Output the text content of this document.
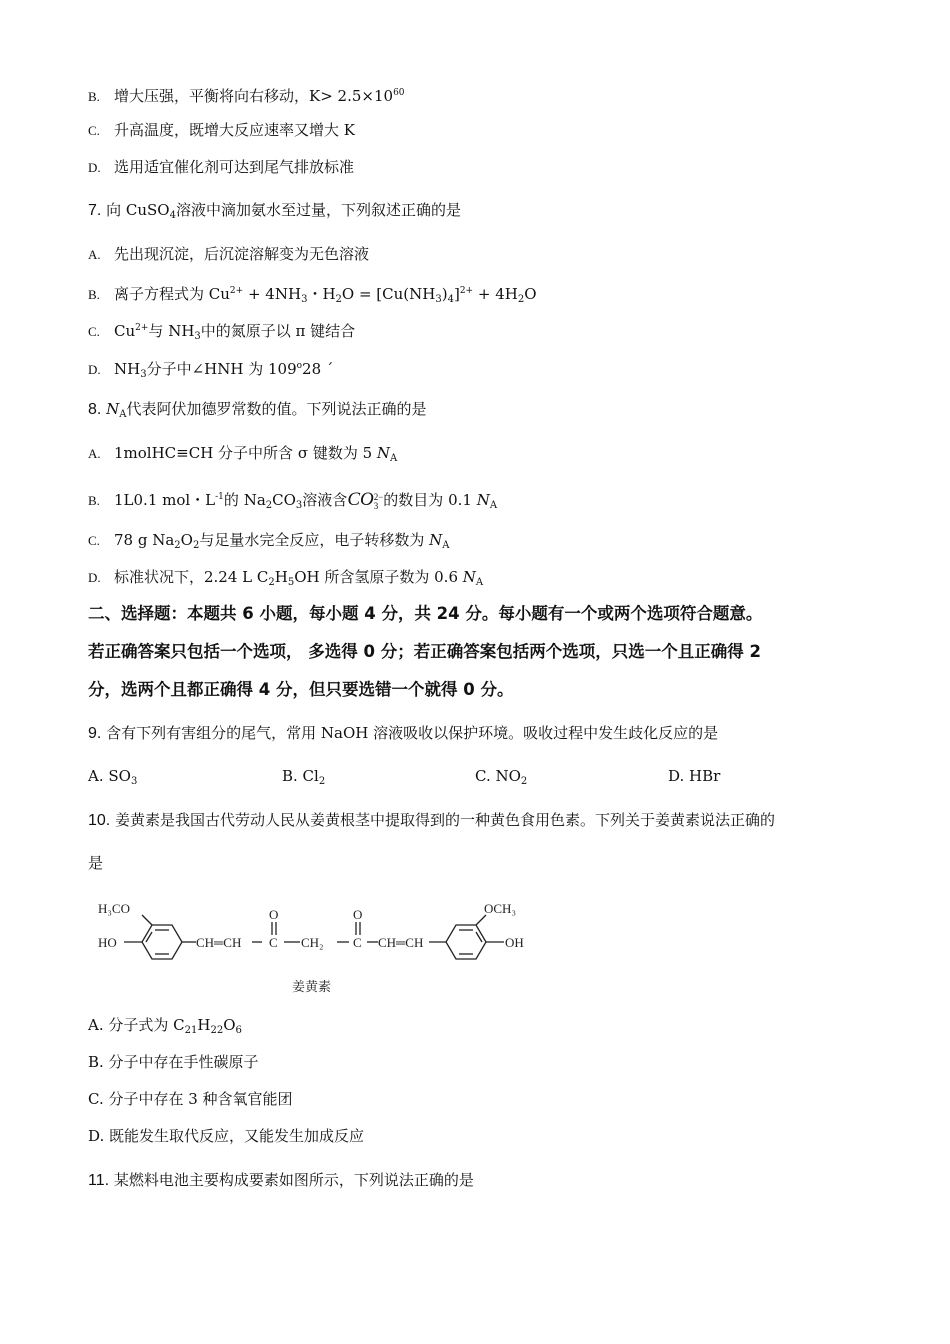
B. 增大压强，平衡将向右移动，$K> 2.5\times 10^{60}$
C. 升高温度，既增大反应速率又增大 K
D. 选用适宜催化剂可达到尾气排放标准
7. 向 CuSO$_4$溶液中滴加氨水至过量，下列叙述正确的是
A. 先出现沉淀，后沉淀溶解变为无色溶液
B. 离子方程式为 $Cu^{2+} + 4NH_3$・$H_2O = [Cu(NH_3)_4]^{2+} + 4H_2O$
C. $Cu^{2+}$与 $NH_3$中的氮原子以 π 键结合
D. $NH_3$分子中∠HNH 为 109$^o$28 ´
8. $N_A$代表阿伏加德罗常数的值。下列说法正确的是
A. 1molHC≡CH 分子中所含 σ 键数为 5 $N_A$
B. 1L0.1 mol・$L^{-1}$的 $Na_2CO_3$溶液含CO 2−
3 的数目为 0.1 $N_A$
C. 78 g $Na_2O_2$与足量水完全反应，电子转移数为 $N_A$
D. 标准状况下，2.24 L $C_2H_5OH$ 所含氢原子数为 0.6 $N_A$
二、选择题：本题共 6 小题，每小题 4 分，共 24 分。每小题有一个或两个选项符合题意。
若正确答案只包括一个选项， 多选得 0 分；若正确答案包括两个选项，只选一个且正确得 2
分，选两个且都正确得 4 分，但只要选错一个就得 0 分。
9. 含有下列有害组分的尾气，常用 NaOH 溶液吸收以保护环境。吸收过程中发生歧化反应的是
A. $SO_3$	B. $Cl_2$	C. $NO_2$	D. HBr
10. 姜黄素是我国古代劳动人民从姜黄根茎中提取得到的一种黄色食用色素。下列关于姜黄素说法正确的
是
H₃CO
HO	CH═CH
O
C CH₂
O
C CH═CH
OCH₃
OH
姜黄素
A. 分子式为 $C_{21}H_{22}O_6$
B. 分子中存在手性碳原子
C. 分子中存在 3 种含氧官能团
D. 既能发生取代反应，又能发生加成反应
11. 某燃料电池主要构成要素如图所示，下列说法正确的是
